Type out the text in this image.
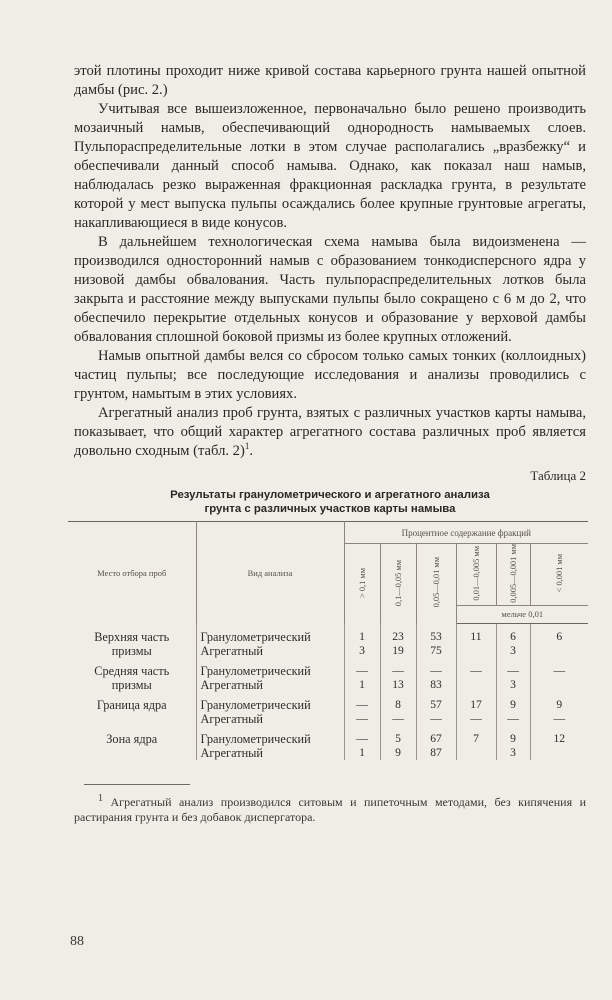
этой плотины проходит ниже кривой состава карьерного грунта нашей опытной дамбы (рис. 2.)

Учитывая все вышеизложенное, первоначально было решено производить мозаичный намыв, обеспечивающий однородность намываемых слоев. Пульпораспределительные лотки в этом случае располагались „вразбежку“ и обеспечивали данный способ намыва. Однако, как показал наш намыв, наблюдалась резко выраженная фракционная раскладка грунта, в результате которой у мест выпуска пульпы осаждались более крупные грунтовые агрегаты, накапливающиеся в виде конусов.

В дальнейшем технологическая схема намыва была видоизменена — производился односторонний намыв с образованием тонкодисперсного ядра у низовой дамбы обвалования. Часть пульпораспределительных лотков была закрыта и расстояние между выпусками пульпы было сокращено с 6 м до 2, что обеспечило перекрытие отдельных конусов и образование у верховой дамбы обвалования сплошной боковой призмы из более крупных отложений.

Намыв опытной дамбы велся со сбросом только самых тонких (коллоидных) частиц пульпы; все последующие исследования и анализы проводились с грунтом, намытым в этих условиях.

Агрегатный анализ проб грунта, взятых с различных участков карты намыва, показывает, что общий характер агрегатного состава различных проб является довольно сходным (табл. 2)$^1$.

Таблица 2

Результаты гранулометрического и агрегатного анализа
грунта с различных участков карты намыва

Место отбора проб	Вид анализа	Процентное содержание фракций					
		> 0,1 мм	0,1—0,05 мм	0,05—0,01 мм	0,01—0,005 мм	0,005—0,001 мм	< 0,001 мм
					мельче 0,01		

Верхняя часть	Гранулометрический	1	23	53	11	6	6
призмы	Агрегатный	3	19	75		3	

Средняя часть	Гранулометрический	—	—	—	—	—	—
призмы	Агрегатный	1	13	83		3	

Граница ядра	Гранулометрический	—	8	57	17	9	9
	Агрегатный	—	—	—	—	—	—

Зона ядра	Гранулометрический	—	5	67	7	9	12
	Агрегатный	1	9	87		3	

$^1$ Агрегатный анализ производился ситовым и пипеточным методами, без кипячения и растирания грунта и без добавок диспергатора.

88
